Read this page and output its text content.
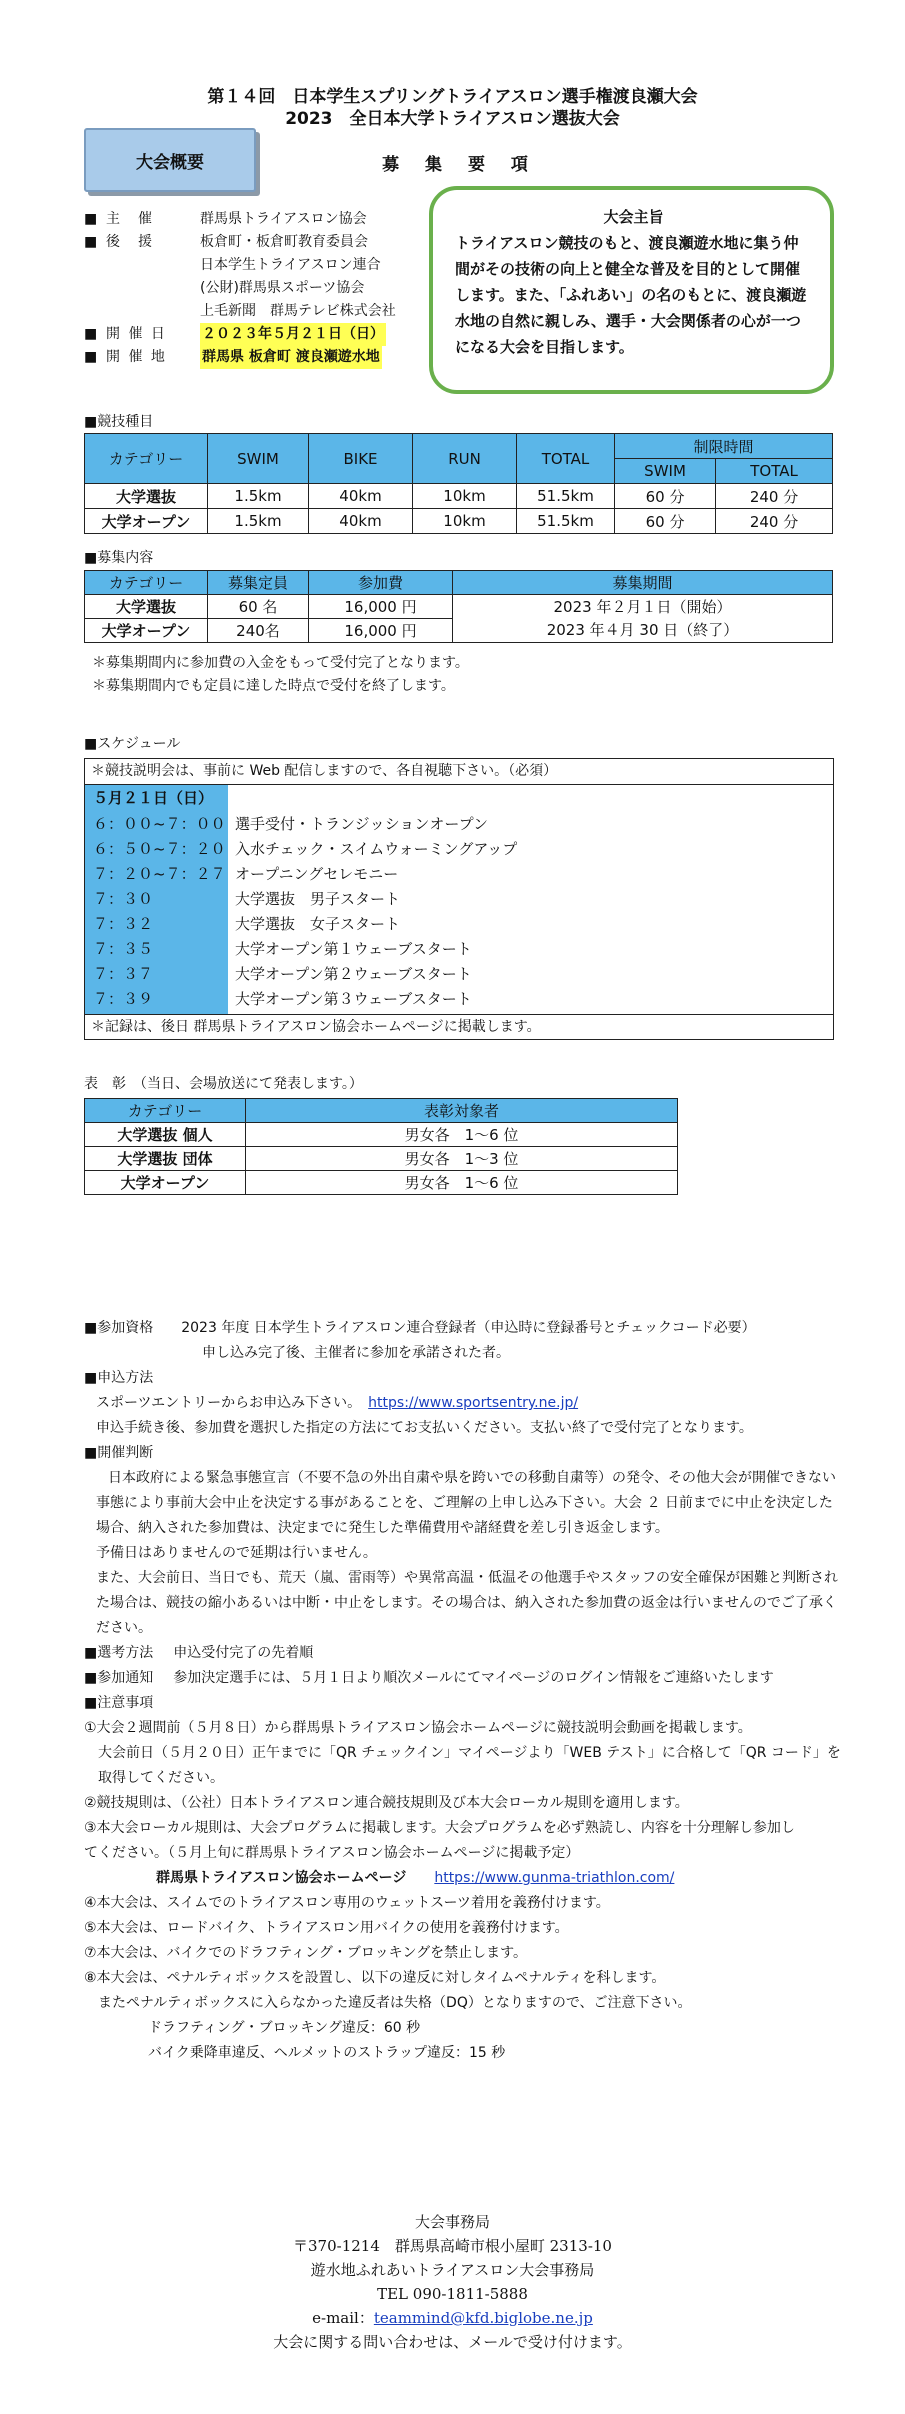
第１４回　日本学生スプリングトライアスロン選手権渡良瀬大会
2023　全日本大学トライアスロン選抜大会
大会概要	募 集 要 項
■ 主　催	群馬県トライアスロン協会
■ 後　援	板倉町・板倉町教育委員会
日本学生トライアスロン連合
(公財)群馬県スポーツ協会
上毛新聞　群馬テレビ株式会社
■ 開 催 日	２０２３年５月２１日（日）
■ 開 催 地	群馬県 板倉町 渡良瀬遊水地
大会主旨
トライアスロン競技のもと、渡良瀬遊水地に集う仲間がその技術の向上と健全な普及を目的として開催します。また、「ふれあい」の名のもとに、渡良瀬遊水地の自然に親しみ、選手・大会関係者の心が一つになる大会を目指します。
■競技種目
カテゴリー	SWIM	BIKE	RUN	TOTAL	制限時間	
					SWIM	TOTAL
大学選抜	1.5km	40km	10km	51.5km	60 分	240 分
大学オープン	1.5km	40km	10km	51.5km	60 分	240 分
■募集内容
カテゴリー	募集定員	参加費	募集期間
大学選抜	60 名	16,000 円	2023 年２月１日（開始）
2023 年４月 30 日（終了）

大学オープン	240名	16,000 円	
＊募集期間内に参加費の入金をもって受付完了となります。
＊募集期間内でも定員に達した時点で受付を終了します。
■スケジュール
＊競技説明会は、事前に Web 配信しますので、各自視聴下さい。（必須）
５月２１日（日）
６：００~７：００ 選手受付・トランジッションオープン
６：５０~７：２０ 入水チェック・スイムウォーミングアップ
７：２０~７：２７ オープニングセレモニー
７：３０	大学選抜　男子スタート
７：３２	大学選抜　女子スタート
７：３５	大学オープン第１ウェーブスタート
７：３７	大学オープン第２ウェーブスタート
７：３９	大学オープン第３ウェーブスタート
＊記録は、後日 群馬県トライアスロン協会ホームページに掲載します。
表　彰　（当日、会場放送にて発表します。）
カテゴリー	表彰対象者
大学選抜 個人	男女各　1～6 位
大学選抜 団体	男女各　1～3 位
大学オープン	男女各　1～6 位
■参加資格 2023 年度 日本学生トライアスロン連合登録者（申込時に登録番号とチェックコード必要）
申し込み完了後、主催者に参加を承諾された者。
■申込方法
スポーツエントリーからお申込み下さい。　 https://www.sportsentry.ne.jp/
申込手続き後、参加費を選択した指定の方法にてお支払いください。支払い終了で受付完了となります。
■開催判断
日本政府による緊急事態宣言（不要不急の外出自粛や県を跨いでの移動自粛等）の発令、その他大会が開催できない事態により事前大会中止を決定する事があることを、ご理解の上申し込み下さい。大会 ２ 日前までに中止を決定した場合、納入された参加費は、決定までに発生した準備費用や諸経費を差し引き返金します。
予備日はありませんので延期は行いません。
また、大会前日、当日でも、荒天（嵐、雷雨等）や異常高温・低温その他選手やスタッフの安全確保が困難と判断された場合は、競技の縮小あるいは中断・中止をします。その場合は、納入された参加費の返金は行いませんのでご了承ください。
■選考方法 申込受付完了の先着順
■参加通知 参加決定選手には、５月１日より順次メールにてマイページのログイン情報をご連絡いたします
■注意事項
①大会２週間前（５月８日）から群馬県トライアスロン協会ホームページに競技説明会動画を掲載します。
大会前日（５月２０日）正午までに「QR チェックイン」マイページより「WEB テスト」に合格して「QR コード」を取得してください。
②競技規則は、（公社）日本トライアスロン連合競技規則及び本大会ローカル規則を適用します。
③本大会ローカル規則は、大会プログラムに掲載します。大会プログラムを必ず熟読し、内容を十分理解し参加し
てください。（５月上旬に群馬県トライアスロン協会ホームページに掲載予定）
群馬県トライアスロン協会ホームページ　　 https://www.gunma-triathlon.com/
④本大会は、スイムでのトライアスロン専用のウェットスーツ着用を義務付けます。
⑤本大会は、ロードバイク、トライアスロン用バイクの使用を義務付けます。
⑦本大会は、バイクでのドラフティング・ブロッキングを禁止します。
⑧本大会は、ペナルティボックスを設置し、以下の違反に対しタイムペナルティを科します。
またペナルティボックスに入らなかった違反者は失格（DQ）となりますので、ご注意下さい。
ドラフティング・ブロッキング違反：60 秒
バイク乗降車違反、ヘルメットのストラップ違反：15 秒
大会事務局
〒370-1214　群馬県高崎市根小屋町 2313-10
遊水地ふれあいトライアスロン大会事務局
TEL 090-1811-5888
e-mail：teammind@kfd.biglobe.ne.jp
大会に関する問い合わせは、メールで受け付けます。
